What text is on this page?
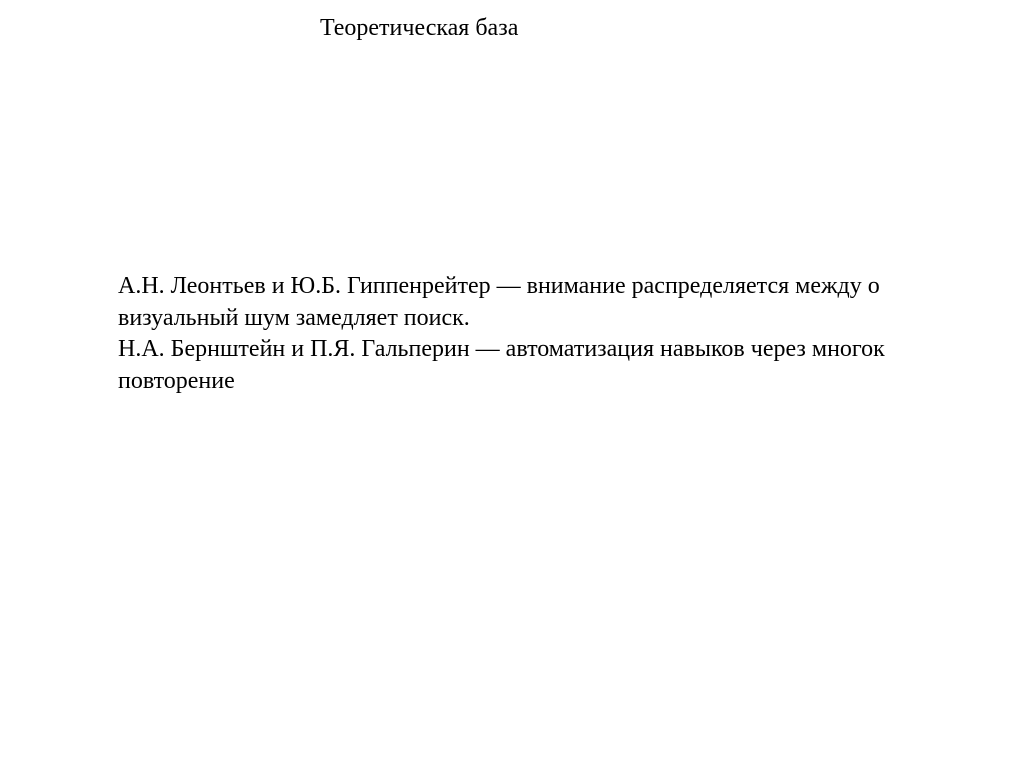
Теоретическая база
А.Н. Леонтьев и Ю.Б. Гиппенрейтер — внимание распределяется между о
визуальный шум замедляет поиск.
Н.А. Бернштейн и П.Я. Гальперин — автоматизация навыков через многок
повторение
